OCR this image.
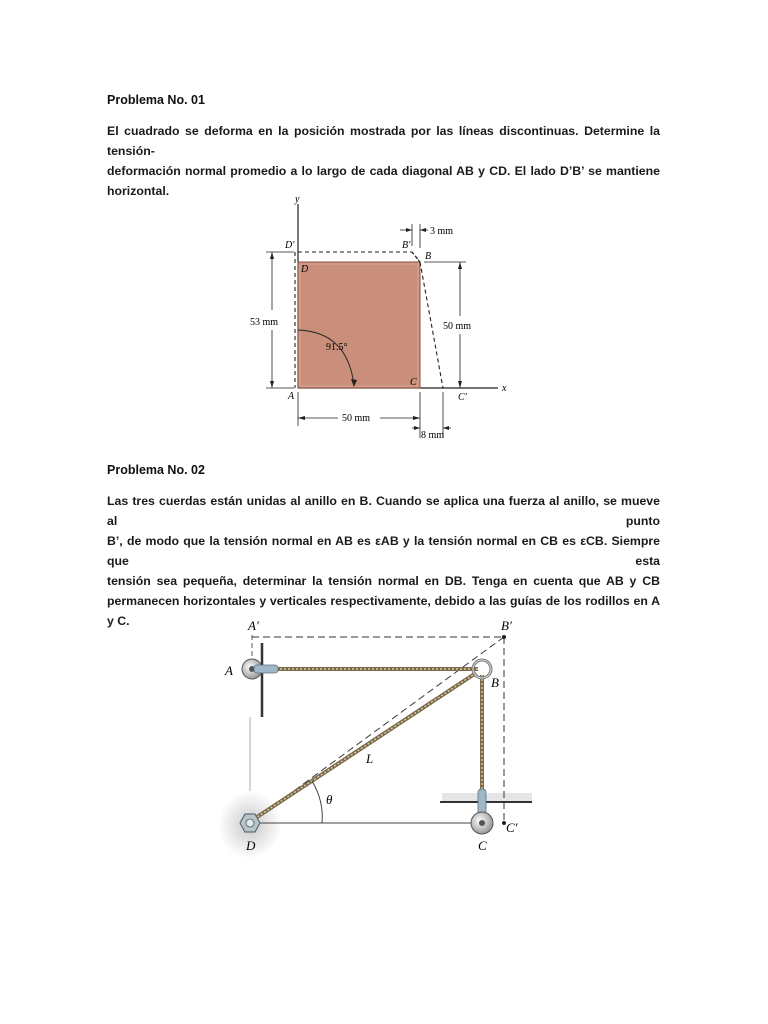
Problema No. 01
El cuadrado se deforma en la posición mostrada por las líneas discontinuas. Determine la tensión-
deformación normal promedio a lo largo de cada diagonal AB y CD. El lado D’B’ se mantiene
horizontal.
y
x
D′	B′
B
D
A
C
C′
3 mm
53 mm	50 mm
50 mm
8 mm
91.5°
Problema No. 02
Las tres cuerdas están unidas al anillo en B. Cuando se aplica una fuerza al anillo, se mueve al punto
B’, de modo que la tensión normal en AB es εAB y la tensión normal en CB es εCB. Siempre que esta
tensión sea pequeña, determinar la tensión normal en DB. Tenga en cuenta que AB y CB
permanecen horizontales y verticales respectivamente, debido a las guías de los rodillos en A y C.	A′	B′
A
B
L
θ
D	C
C′
